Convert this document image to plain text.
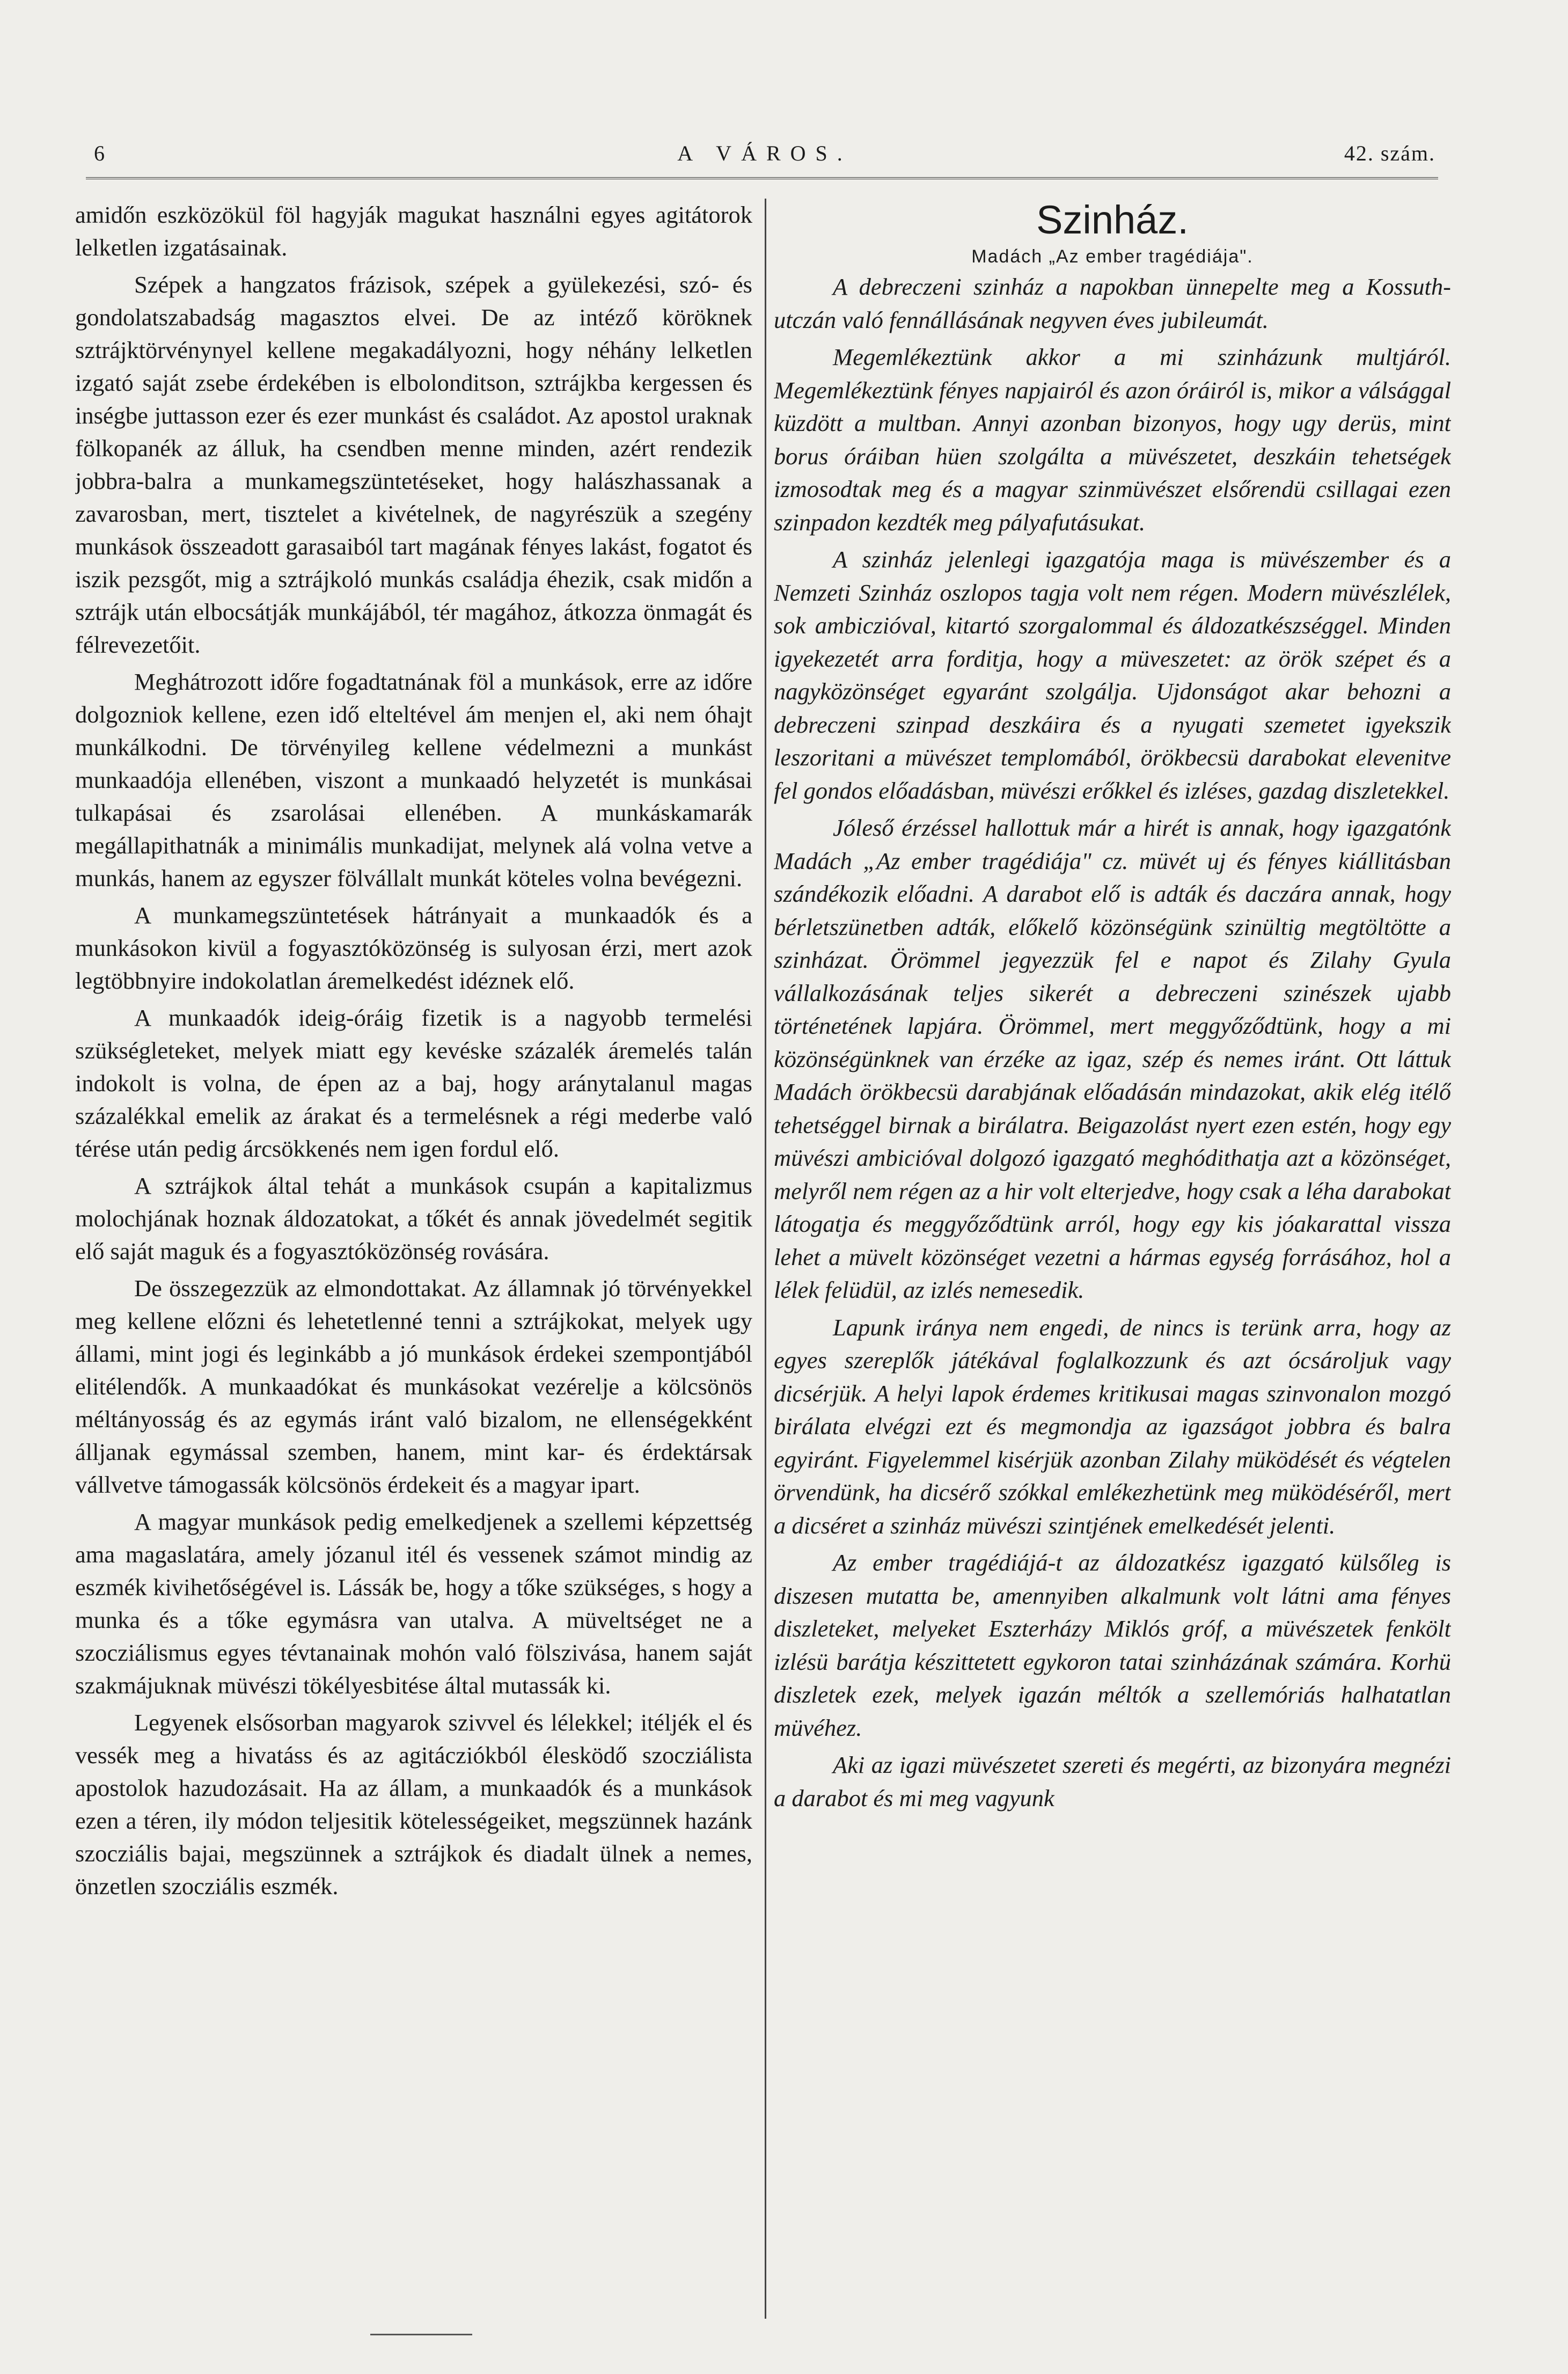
6	A VÁROS.	42. szám.

amidőn eszközökül föl hagyják magukat használni egyes agitátorok lelketlen izgatásainak.

Szépek a hangzatos frázisok, szépek a gyülekezési, szó- és gondolatszabadság magasztos elvei. De az intéző köröknek sztrájktörvénynyel kellene megakadályozni, hogy néhány lelketlen izgató saját zsebe érdekében is elbolonditson, sztrájkba kergessen és inségbe juttasson ezer és ezer munkást és családot. Az apostol uraknak fölkopanék az álluk, ha csendben menne minden, azért rendezik jobbra-balra a munkamegszüntetéseket, hogy halászhassanak a zavarosban, mert, tisztelet a kivételnek, de nagyrészük a szegény munkások összeadott garasaiból tart magának fényes lakást, fogatot és iszik pezsgőt, mig a sztrájkoló munkás családja éhezik, csak midőn a sztrájk után elbocsátják munkájából, tér magához, átkozza önmagát és félrevezetőit.

Meghátrozott időre fogadtatnának föl a munkások, erre az időre dolgozniok kellene, ezen idő elteltével ám menjen el, aki nem óhajt munkálkodni. De törvényileg kellene védelmezni a munkást munkaadója ellenében, viszont a munkaadó helyzetét is munkásai tulkapásai és zsarolásai ellenében. A munkáskamarák megállapithatnák a minimális munkadijat, melynek alá volna vetve a munkás, hanem az egyszer fölvállalt munkát köteles volna bevégezni.

A munkamegszüntetések hátrányait a munkaadók és a munkásokon kivül a fogyasztóközönség is sulyosan érzi, mert azok legtöbbnyire indokolatlan áremelkedést idéznek elő.

A munkaadók ideig-óráig fizetik is a nagyobb termelési szükségleteket, melyek miatt egy kevéske százalék áremelés talán indokolt is volna, de épen az a baj, hogy aránytalanul magas százalékkal emelik az árakat és a termelésnek a régi mederbe való térése után pedig árcsökkenés nem igen fordul elő.

A sztrájkok által tehát a munkások csupán a kapitalizmus molochjának hoznak áldozatokat, a tőkét és annak jövedelmét segitik elő saját maguk és a fogyasztóközönség rovására.

De összegezzük az elmondottakat. Az államnak jó törvényekkel meg kellene előzni és lehetetlenné tenni a sztrájkokat, melyek ugy állami, mint jogi és leginkább a jó munkások érdekei szempontjából elitélendők. A munkaadókat és munkásokat vezérelje a kölcsönös méltányosság és az egymás iránt való bizalom, ne ellenségekként álljanak egymással szemben, hanem, mint kar- és érdektársak vállvetve támogassák kölcsönös érdekeit és a magyar ipart.

A magyar munkások pedig emelkedjenek a szellemi képzettség ama magaslatára, amely józanul itél és vessenek számot mindig az eszmék kivihetőségével is. Lássák be, hogy a tőke szükséges, s hogy a munka és a tőke egymásra van utalva. A müveltséget ne a szocziálismus egyes tévtanainak mohón való fölszivása, hanem saját szakmájuknak müvészi tökélyesbitése által mutassák ki.

Legyenek elsősorban magyarok szivvel és lélekkel; itéljék el és vessék meg a hivatáss és az agitácziókból élesködő szocziálista apostolok hazudozásait. Ha az állam, a munkaadók és a munkások ezen a téren, ily módon teljesitik kötelességeiket, megszünnek hazánk szocziális bajai, megszünnek a sztrájkok és diadalt ülnek a nemes, önzetlen szocziális eszmék.

Szinház.
Madách „Az ember tragédiája".

A debreczeni szinház a napokban ünnepelte meg a Kossuth-utczán való fennállásának negyven éves jubileumát.

Megemlékeztünk akkor a mi szinházunk multjáról. Megemlékeztünk fényes napjairól és azon óráiról is, mikor a válsággal küzdött a multban. Annyi azonban bizonyos, hogy ugy derüs, mint borus óráiban hüen szolgálta a müvészetet, deszkáin tehetségek izmosodtak meg és a magyar szinmüvészet elsőrendü csillagai ezen szinpadon kezdték meg pályafutásukat.

A szinház jelenlegi igazgatója maga is müvészember és a Nemzeti Szinház oszlopos tagja volt nem régen. Modern müvészlélek, sok ambiczióval, kitartó szorgalommal és áldozatkészséggel. Minden igyekezetét arra forditja, hogy a müveszetet: az örök szépet és a nagyközönséget egyaránt szolgálja. Ujdonságot akar behozni a debreczeni szinpad deszkáira és a nyugati szemetet igyekszik leszoritani a müvészet templomából, örökbecsü darabokat elevenitve fel gondos előadásban, müvészi erőkkel és izléses, gazdag diszletekkel.

Jóleső érzéssel hallottuk már a hirét is annak, hogy igazgatónk Madách „Az ember tragédiája" cz. müvét uj és fényes kiállitásban szándékozik előadni. A darabot elő is adták és daczára annak, hogy bérletszünetben adták, előkelő közönségünk szinültig megtöltötte a szinházat. Örömmel jegyezzük fel e napot és Zilahy Gyula vállalkozásának teljes sikerét a debreczeni szinészek ujabb történetének lapjára. Örömmel, mert meggyőződtünk, hogy a mi közönségünknek van érzéke az igaz, szép és nemes iránt. Ott láttuk Madách örökbecsü darabjának előadásán mindazokat, akik elég itélő tehetséggel birnak a birálatra. Beigazolást nyert ezen estén, hogy egy müvészi ambicióval dolgozó igazgató meghódithatja azt a közönséget, melyről nem régen az a hir volt elterjedve, hogy csak a léha darabokat látogatja és meggyőződtünk arról, hogy egy kis jóakarattal vissza lehet a müvelt közönséget vezetni a hármas egység forrásához, hol a lélek felüdül, az izlés nemesedik.

Lapunk iránya nem engedi, de nincs is terünk arra, hogy az egyes szereplők játékával foglalkozzunk és azt ócsároljuk vagy dicsérjük. A helyi lapok érdemes kritikusai magas szinvonalon mozgó birálata elvégzi ezt és megmondja az igazságot jobbra és balra egyiránt. Figyelemmel kisérjük azonban Zilahy müködését és végtelen örvendünk, ha dicsérő szókkal emlékezhetünk meg müködéséről, mert a dicséret a szinház müvészi szintjének emelkedését jelenti.

Az ember tragédiájá-t az áldozatkész igazgató külsőleg is diszesen mutatta be, amennyiben alkalmunk volt látni ama fényes diszleteket, melyeket Eszterházy Miklós gróf, a müvészetek fenkölt izlésü barátja készittetett egykoron tatai szinházának számára. Korhü diszletek ezek, melyek igazán méltók a szellemóriás halhatatlan müvéhez.

Aki az igazi müvészetet szereti és megérti, az bizonyára megnézi a darabot és mi meg vagyunk
